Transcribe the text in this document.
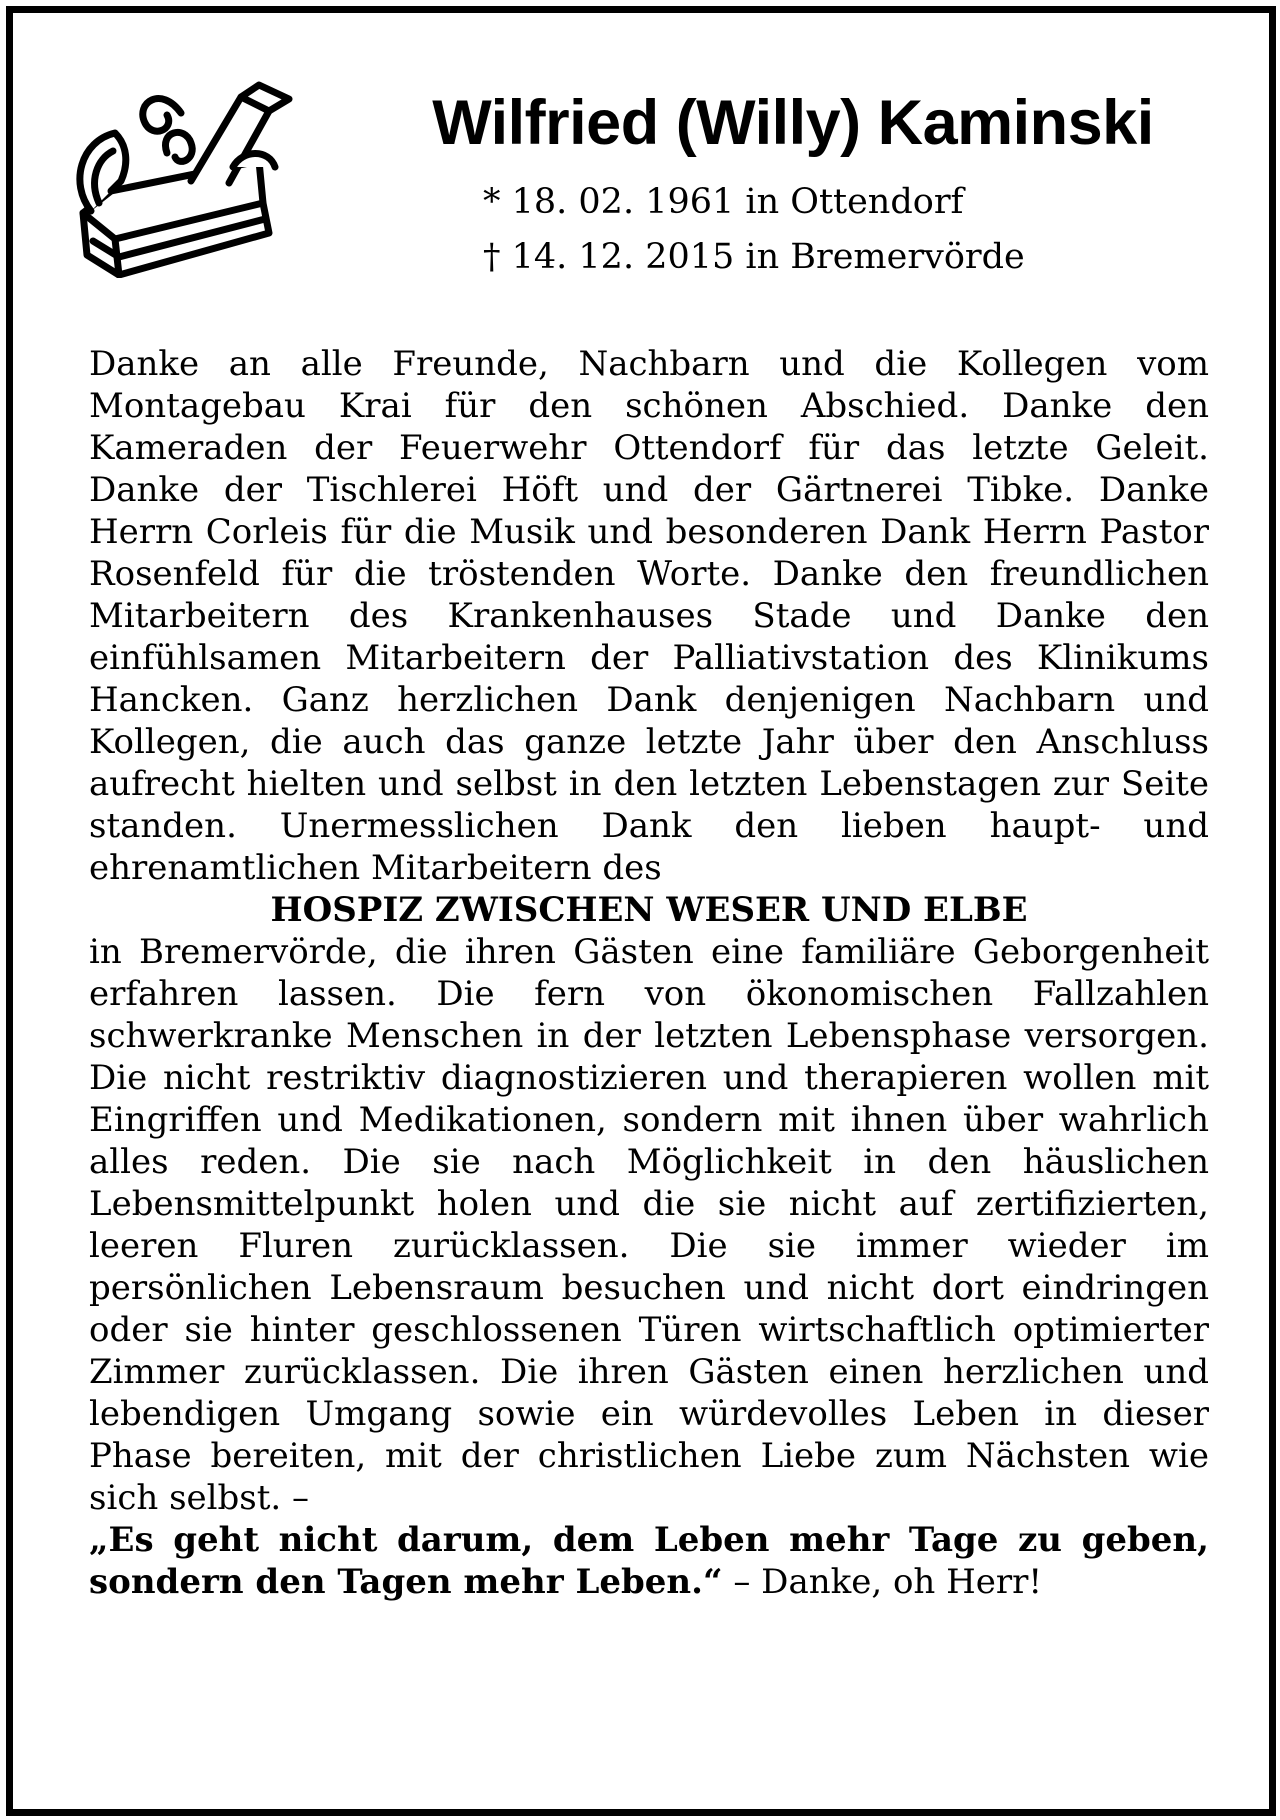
Wilfried (Willy) Kaminski
* 18. 02. 1961 in Ottendorf
† 14. 12. 2015 in Bremervörde

Danke an alle Freunde, Nachbarn und die Kollegen vom Montagebau Krai für den schönen Abschied. Danke den Kameraden der Feuerwehr Ottendorf für das letzte Geleit. Danke der Tischlerei Höft und der Gärtnerei Tibke. Danke Herrn Corleis für die Musik und besonderen Dank Herrn Pastor Rosenfeld für die tröstenden Worte. Danke den freundlichen Mitarbeitern des Krankenhauses Stade und Danke den einfühlsamen Mitarbeitern der Palliativstation des Klinikums Hancken. Ganz herzlichen Dank denjenigen Nachbarn und Kollegen, die auch das ganze letzte Jahr über den Anschluss aufrecht hielten und selbst in den letzten Lebenstagen zur Seite standen. Unermesslichen Dank den lieben haupt- und ehrenamtlichen Mitarbeitern des

HOSPIZ ZWISCHEN WESER UND ELBE

in Bremervörde, die ihren Gästen eine familiäre Geborgenheit erfahren lassen. Die fern von ökonomischen Fallzahlen schwerkranke Menschen in der letzten Lebensphase versorgen. Die nicht restriktiv diagnostizieren und therapieren wollen mit Eingriffen und Medikationen, sondern mit ihnen über wahrlich alles reden. Die sie nach Möglichkeit in den häuslichen Lebensmittelpunkt holen und die sie nicht auf zertifizierten, leeren Fluren zurücklassen. Die sie immer wieder im persönlichen Lebensraum besuchen und nicht dort eindringen oder sie hinter geschlossenen Türen wirtschaftlich optimierter Zimmer zurücklassen. Die ihren Gästen einen herzlichen und lebendigen Umgang sowie ein würdevolles Leben in dieser Phase bereiten, mit der christlichen Liebe zum Nächsten wie sich selbst. –

„Es geht nicht darum, dem Leben mehr Tage zu geben, sondern den Tagen mehr Leben.“ – Danke, oh Herr!
